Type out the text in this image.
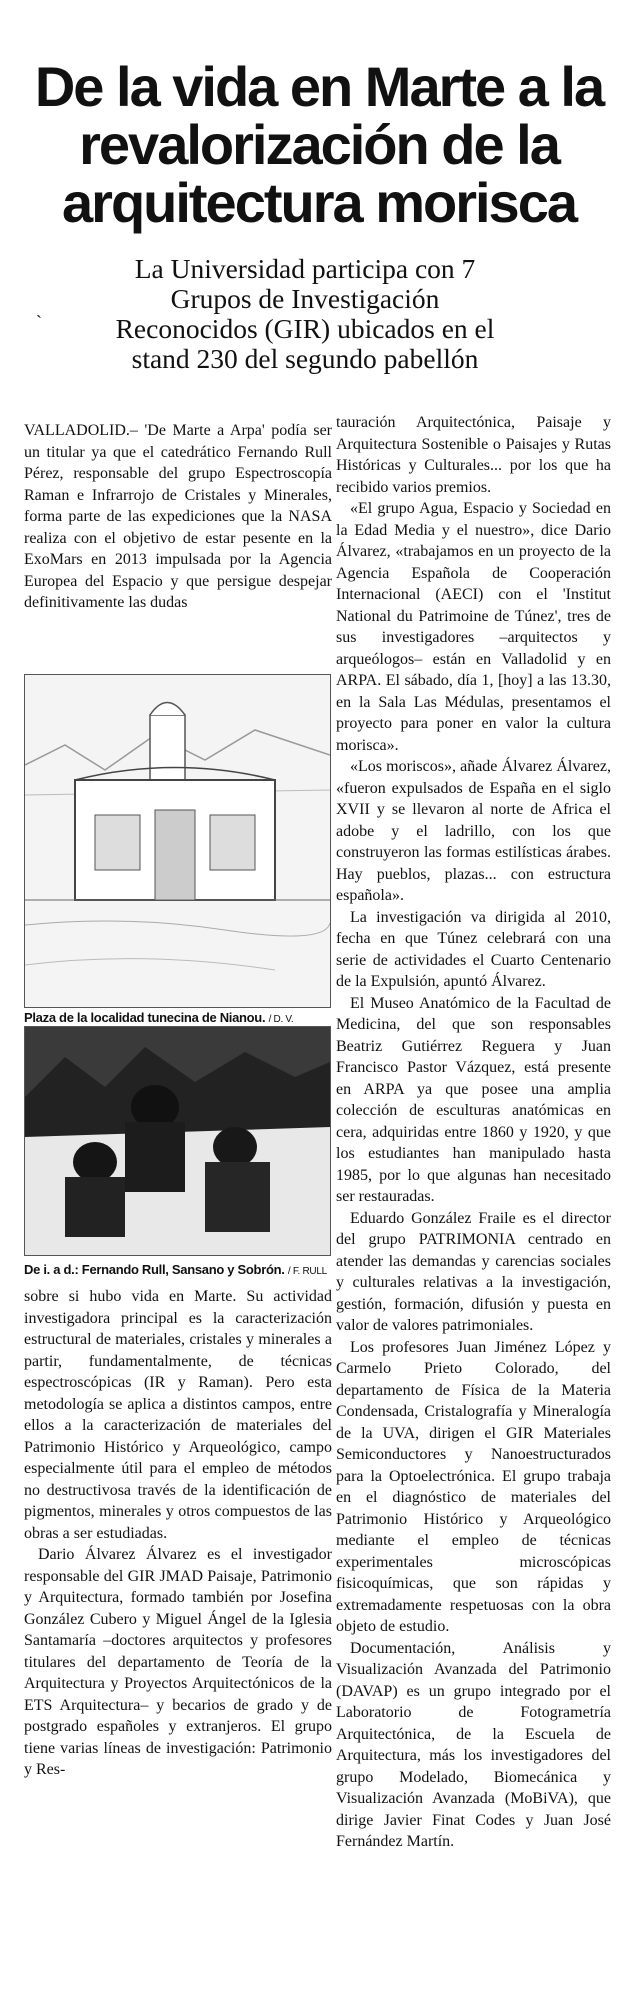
De la vida en Marte a la revalorización de la arquitectura morisca
La Universidad participa con 7 Grupos de Investigación Reconocidos (GIR) ubicados en el stand 230 del segundo pabellón
ˎ

VALLADOLID.– 'De Marte a Arpa' podía ser un titular ya que el catedrático Fernando Rull Pérez, responsable del grupo Espectroscopía Raman e Infrarrojo de Cristales y Minerales, forma parte de las expediciones que la NASA realiza con el objetivo de estar pesente en la ExoMars en 2013 impulsada por la Agencia Europea del Espacio y que persigue despejar definitivamente las dudas

Plaza de la localidad tunecina de Nianou. / D. V.
De i. a d.: Fernando Rull, Sansano y Sobrón. / F. RULL

sobre si hubo vida en Marte. Su actividad investigadora principal es la caracterización estructural de materiales, cristales y minerales a partir, fundamentalmente, de técnicas espectroscópicas (IR y Raman). Pero esta metodología se aplica a distintos campos, entre ellos a la caracterización de materiales del Patrimonio Histórico y Arqueológico, campo especialmente útil para el empleo de métodos no destructivosa través de la identificación de pigmentos, minerales y otros compuestos de las obras a ser estudiadas.

Dario Álvarez Álvarez es el investigador responsable del GIR JMAD Paisaje, Patrimonio y Arquitectura, formado también por Josefina González Cubero y Miguel Ángel de la Iglesia Santamaría –doctores arquitectos y profesores titulares del departamento de Teoría de la Arquitectura y Proyectos Arquitectónicos de la ETS Arquitectura– y becarios de grado y de postgrado españoles y extranjeros. El grupo tiene varias líneas de investigación: Patrimonio y Res-

tauración Arquitectónica, Paisaje y Arquitectura Sostenible o Paisajes y Rutas Históricas y Culturales... por los que ha recibido varios premios.

«El grupo Agua, Espacio y Sociedad en la Edad Media y el nuestro», dice Dario Álvarez, «trabajamos en un proyecto de la Agencia Española de Cooperación Internacional (AECI) con el 'Institut National du Patrimoine de Túnez', tres de sus investigadores –arquitectos y arqueólogos– están en Valladolid y en ARPA. El sábado, día 1, [hoy] a las 13.30, en la Sala Las Médulas, presentamos el proyecto para poner en valor la cultura morisca».

«Los moriscos», añade Álvarez Álvarez, «fueron expulsados de España en el siglo XVII y se llevaron al norte de Africa el adobe y el ladrillo, con los que construyeron las formas estilísticas árabes. Hay pueblos, plazas... con estructura española».

La investigación va dirigida al 2010, fecha en que Túnez celebrará con una serie de actividades el Cuarto Centenario de la Expulsión, apuntó Álvarez.

El Museo Anatómico de la Facultad de Medicina, del que son responsables Beatriz Gutiérrez Reguera y Juan Francisco Pastor Vázquez, está presente en ARPA ya que posee una amplia colección de esculturas anatómicas en cera, adquiridas entre 1860 y 1920, y que los estudiantes han manipulado hasta 1985, por lo que algunas han necesitado ser restauradas.

Eduardo González Fraile es el director del grupo PATRIMONIA centrado en atender las demandas y carencias sociales y culturales relativas a la investigación, gestión, formación, difusión y puesta en valor de valores patrimoniales.

Los profesores Juan Jiménez López y Carmelo Prieto Colorado, del departamento de Física de la Materia Condensada, Cristalografía y Mineralogía de la UVA, dirigen el GIR Materiales Semiconductores y Nanoestructurados para la Optoelectrónica. El grupo trabaja en el diagnóstico de materiales del Patrimonio Histórico y Arqueológico mediante el empleo de técnicas experimentales microscópicas fisicoquímicas, que son rápidas y extremadamente respetuosas con la obra objeto de estudio.

Documentación, Análisis y Visualización Avanzada del Patrimonio (DAVAP) es un grupo integrado por el Laboratorio de Fotogrametría Arquitectónica, de la Escuela de Arquitectura, más los investigadores del grupo Modelado, Biomecánica y Visualización Avanzada (MoBiVA), que dirige Javier Finat Codes y Juan José Fernández Martín.
